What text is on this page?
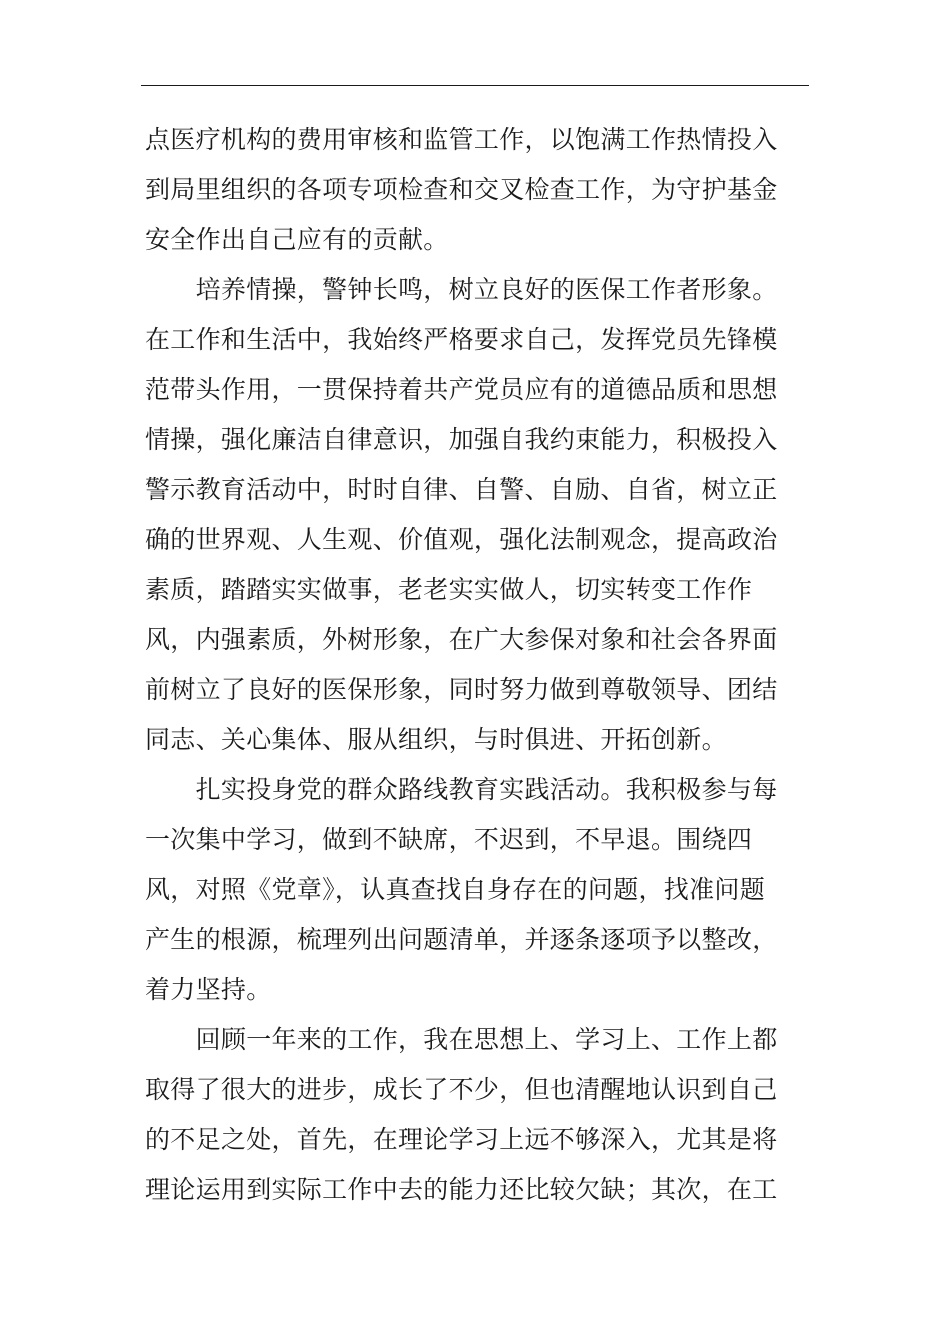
点医疗机构的费用审核和监管工作，以饱满工作热情投入
到局里组织的各项专项检查和交叉检查工作，为守护基金
安全作出自己应有的贡献。
　　培养情操，警钟长鸣，树立良好的医保工作者形象。
在工作和生活中，我始终严格要求自己，发挥党员先锋模
范带头作用，一贯保持着共产党员应有的道德品质和思想
情操，强化廉洁自律意识，加强自我约束能力，积极投入
警示教育活动中，时时自律、自警、自励、自省，树立正
确的世界观、人生观、价值观，强化法制观念，提高政治
素质，踏踏实实做事，老老实实做人，切实转变工作作
风，内强素质，外树形象，在广大参保对象和社会各界面
前树立了良好的医保形象，同时努力做到尊敬领导、团结
同志、关心集体、服从组织，与时俱进、开拓创新。
　　扎实投身党的群众路线教育实践活动。我积极参与每
一次集中学习，做到不缺席，不迟到，不早退。围绕四
风，对照《党章》，认真查找自身存在的问题，找准问题
产生的根源，梳理列出问题清单，并逐条逐项予以整改，
着力坚持。
　　回顾一年来的工作，我在思想上、学习上、工作上都
取得了很大的进步，成长了不少，但也清醒地认识到自己
的不足之处，首先，在理论学习上远不够深入，尤其是将
理论运用到实际工作中去的能力还比较欠缺；其次，在工
